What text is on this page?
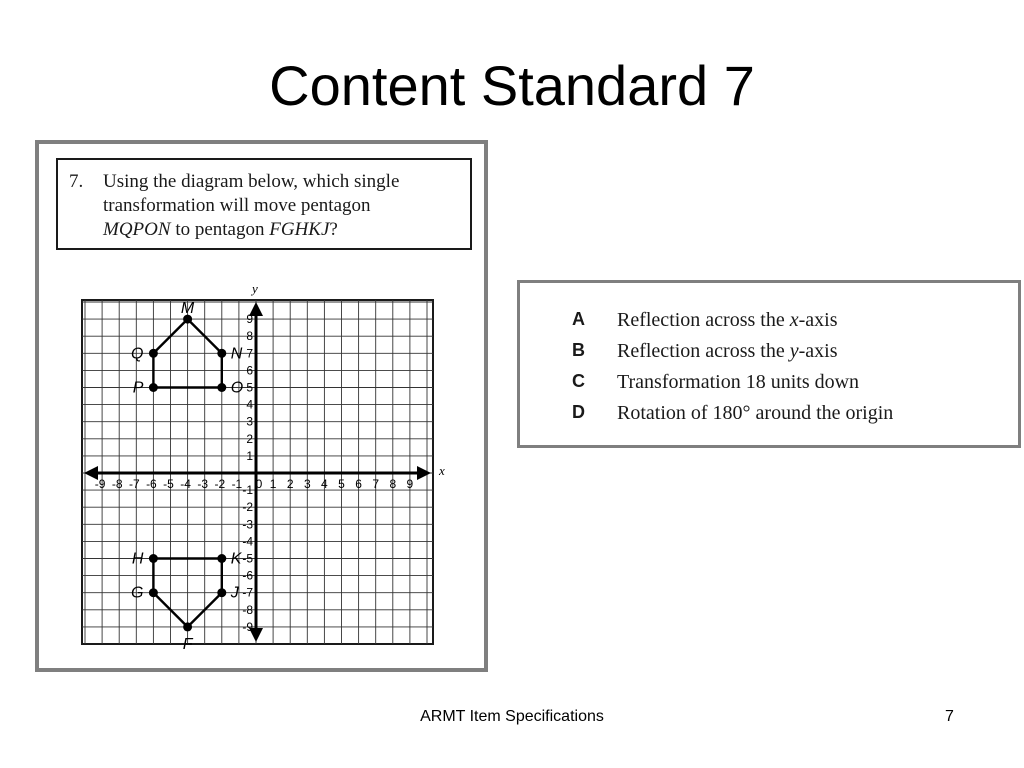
Content Standard 7
7. Using the diagram below, which single
transformation will move pentagon
MQPON to pentagon FGHKJ?
x
y
-9 -8 -7 -6 -5 -4 -3 -2 -1 0 1 2 3 4 5 6 7 8 9
9
8
7
6
5
4
3
2
1
-1
-2
-3
-4
-5
-6
-7
-8
-9
M
N
O
P
Q
F
J
K
H
G
A Reflection across the x-axis
B Reflection across the y-axis
C Transformation 18 units down
D Rotation of 180° around the origin
ARMT Item Specifications	7
